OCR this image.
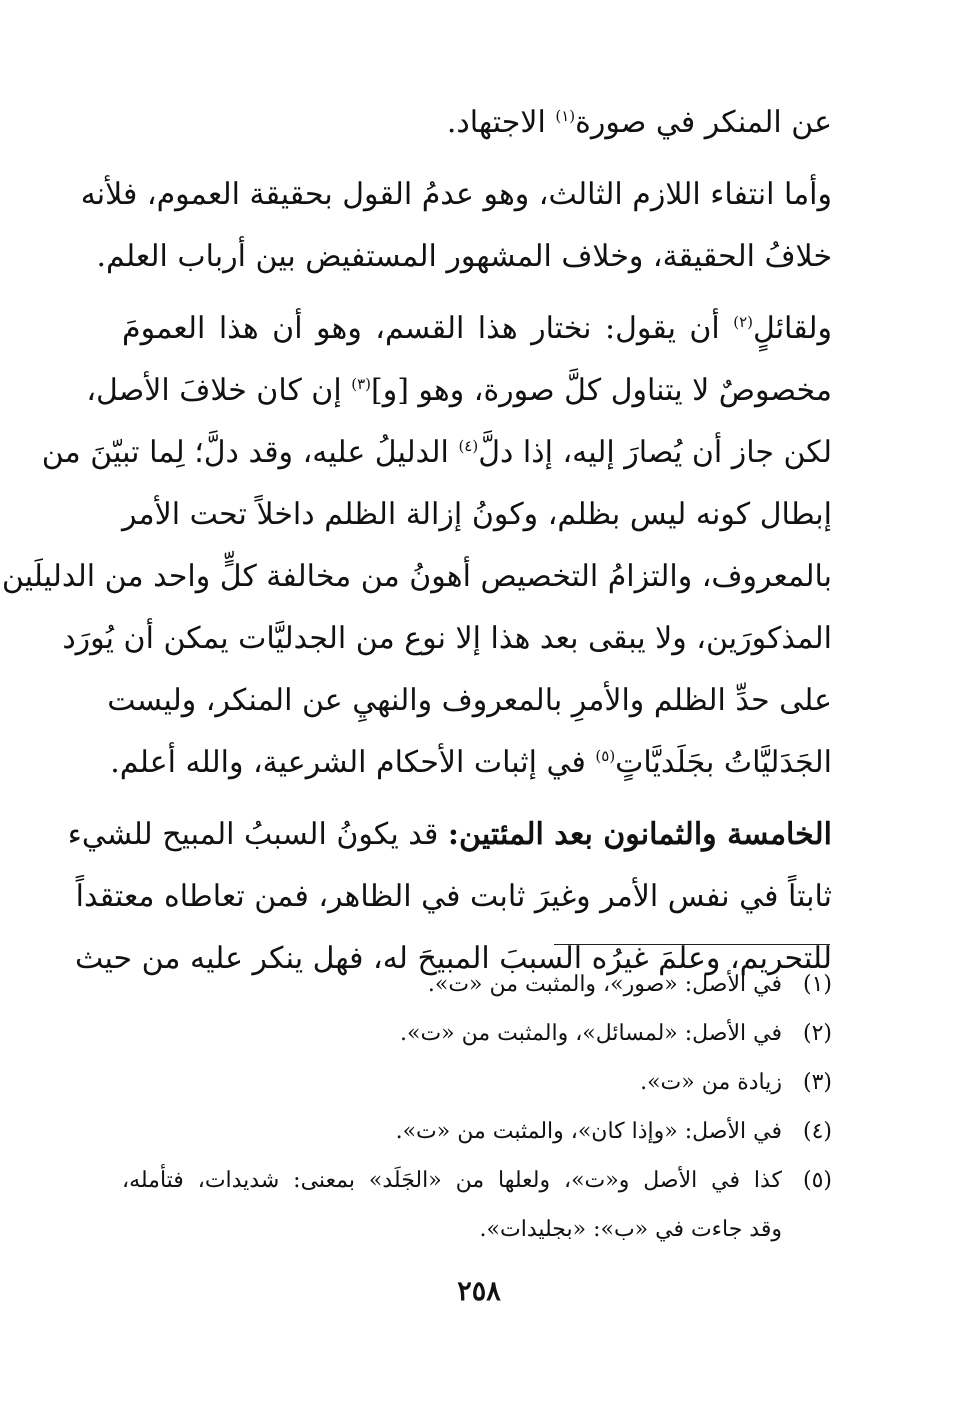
عن المنكر في صورة$^{(١)}$ الاجتهاد.
وأما انتفاء اللازم الثالث، وهو عدمُ القول بحقيقة العموم، فلأنه
خلافُ الحقيقة، وخلاف المشهور المستفيض بين أرباب العلم.
ولقائلٍ$^{(٢)}$ أن يقول: نختار هذا القسم، وهو أن هذا العمومَ
مخصوصٌ لا يتناول كلَّ صورة، وهو [و]$^{(٣)}$ إن كان خلافَ الأصل،
لكن جاز أن يُصارَ إليه، إذا دلَّ$^{(٤)}$ الدليلُ عليه، وقد دلَّ؛ لِما تبيّنَ من
إبطال كونه ليس بظلم، وكونُ إزالة الظلم داخلاً تحت الأمر
بالمعروف، والتزامُ التخصيص أهونُ من مخالفة كلٍّ واحد من الدليلَين
المذكورَين، ولا يبقى بعد هذا إلا نوع من الجدليَّات يمكن أن يُورَد
على حدِّ الظلم والأمرِ بالمعروف والنهيِ عن المنكر، وليست
الجَدَليَّاتُ بجَلَديَّاتٍ$^{(٥)}$ في إثبات الأحكام الشرعية، والله أعلم.
الخامسة والثمانون بعد المئتين: قد يكونُ السببُ المبيح للشيء
ثابتاً في نفس الأمر وغيرَ ثابت في الظاهر، فمن تعاطاه معتقداً
للتحريم، وعلمَ غيرُه السببَ المبيحَ له، فهل ينكر عليه من حيث
(١)
في الأصل: «صور»، والمثبت من «ت».
(٢)
في الأصل: «لمسائل»، والمثبت من «ت».
(٣)
زيادة من «ت».
(٤)
في الأصل: «وإذا كان»، والمثبت من «ت».
(٥)
كذا في الأصل و«ت»، ولعلها من «الجَلَد» بمعنى: شديدات، فتأمله،
وقد جاءت في «ب»: «بجليدات».
٢٥٨
